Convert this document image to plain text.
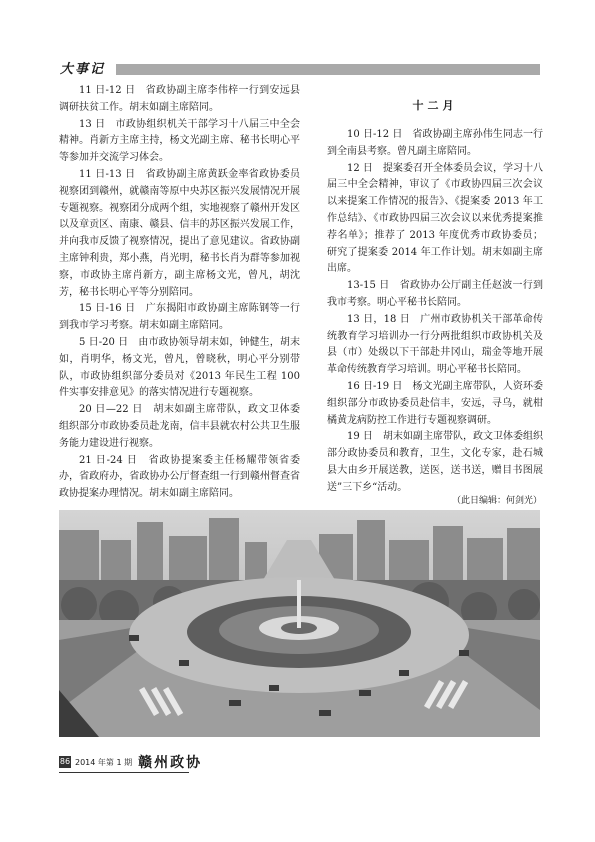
大事记

11 日-12 日　省政协副主席李伟梓一行到安远县调研扶贫工作。胡末如副主席陪同。

13 日　市政协组织机关干部学习十八届三中全会精神。肖新方主席主持，杨文光副主席、秘书长明心平等参加并交流学习体会。

11 日-13 日　省政协副主席黄跃金率省政协委员视察团到赣州，就赣南等原中央苏区振兴发展情况开展专题视察。视察团分成两个组，实地视察了赣州开发区以及章贡区、南康、赣县、信丰的苏区振兴发展工作，并向我市反馈了视察情况，提出了意见建议。省政协副主席钟利贵，郑小燕，肖光明，秘书长肖为群等参加视察，市政协主席肖新方，副主席杨文光，曾凡，胡沈芳，秘书长明心平等分别陪同。

15 日-16 日　广东揭阳市政协副主席陈钢等一行到我市学习考察。胡末如副主席陪同。

5 日-20 日　由市政协领导胡末如，钟健生，胡末如，肖明华，杨文光，曾凡，曾晓秋，明心平分别带队，市政协组织部分委员对《2013 年民生工程 100 件实事安排意见》的落实情况进行专题视察。

20 日—22 日　胡末如副主席带队，政文卫体委组织部分市政协委员赴龙南，信丰县就农村公共卫生服务能力建设进行视察。

21 日-24 日　省政协提案委主任杨耀带领省委办，省政府办，省政协办公厅督查组一行到赣州督查省政协提案办理情况。胡末如副主席陪同。

十二月

10 日-12 日　省政协副主席孙伟生同志一行到全南县考察。曾凡副主席陪同。

12 日　提案委召开全体委员会议，学习十八届三中全会精神，审议了《市政协四届三次会议以来提案工作情况的报告》、《提案委 2013 年工作总结》、《市政协四届三次会议以来优秀提案推荐名单》；推荐了 2013 年度优秀市政协委员；研究了提案委 2014 年工作计划。胡末如副主席出席。

13-15 日　省政协办公厅副主任赵波一行到我市考察。明心平秘书长陪同。

13 日，18 日　广州市政协机关干部革命传统教育学习培训办一行分两批组织市政协机关及县（市）处级以下干部赴井冈山，瑞金等地开展革命传统教育学习培训。明心平秘书长陪同。

16 日-19 日　杨文光副主席带队，人资环委组织部分市政协委员赴信丰，安远，寻乌，就柑橘黄龙病防控工作进行专题视察调研。

19 日　胡末如副主席带队，政文卫体委组织部分政协委员和教育，卫生，文化专家，赴石城县大由乡开展送教，送医，送书送，赠目书图展送”三下乡“活动。

（此日编辑：何剑光）
86 2014 年第 1 期 赣州政协
